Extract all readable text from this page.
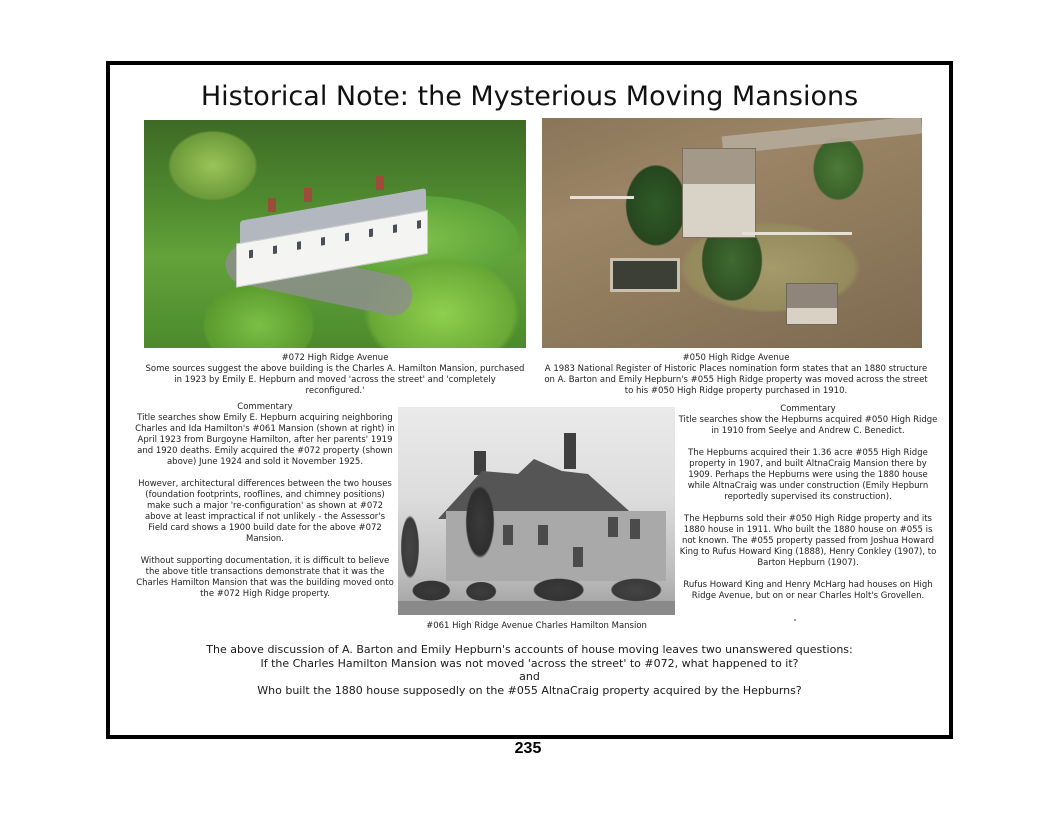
Historical Note: the Mysterious Moving Mansions
#072 High Ridge Avenue
Some sources suggest the above building is the Charles A. Hamilton Mansion, purchased in 1923 by Emily E. Hepburn and moved 'across the street' and 'completely reconfigured.'
#050 High Ridge Avenue
A 1983 National Register of Historic Places nomination form states that an 1880 structure on A. Barton and Emily Hepburn's #055 High Ridge property was moved across the street to his #050 High Ridge property purchased in 1910.
Commentary
Title searches show Emily E. Hepburn acquiring neighboring Charles and Ida Hamilton's #061 Mansion (shown at right) in April 1923 from Burgoyne Hamilton, after her parents' 1919 and 1920 deaths. Emily acquired the #072 property (shown above) June 1924 and sold it November 1925.
However, architectural differences between the two houses (foundation footprints, rooflines, and chimney positions) make such a major 're-configuration' as shown at #072 above at least impractical if not unlikely - the Assessor's Field card shows a 1900 build date for the above #072 Mansion.
Without supporting documentation, it is difficult to believe the above title transactions demonstrate that it was the Charles Hamilton Mansion that was the building moved onto the #072 High Ridge property.
Commentary
Title searches show the Hepburns acquired #050 High Ridge in 1910 from Seelye and Andrew C. Benedict.
The Hepburns acquired their 1.36 acre #055 High Ridge property in 1907, and built AltnaCraig Mansion there by 1909. Perhaps the Hepburns were using the 1880 house while AltnaCraig was under construction (Emily Hepburn reportedly supervised its construction).
The Hepburns sold their #050 High Ridge property and its 1880 house in 1911. Who built the 1880 house on #055 is not known. The #055 property passed from Joshua Howard King to Rufus Howard King (1888), Henry Conkley (1907), to Barton Hepburn (1907).
Rufus Howard King and Henry McHarg had houses on High Ridge Avenue, but on or near Charles Holt's Grovellen.
#061 High Ridge Avenue Charles Hamilton Mansion
The above discussion of A. Barton and Emily Hepburn's accounts of house moving leaves two unanswered questions:
If the Charles Hamilton Mansion was not moved 'across the street' to #072, what happened to it?
and
Who built the 1880 house supposedly on the #055 AltnaCraig property acquired by the Hepburns?
235
